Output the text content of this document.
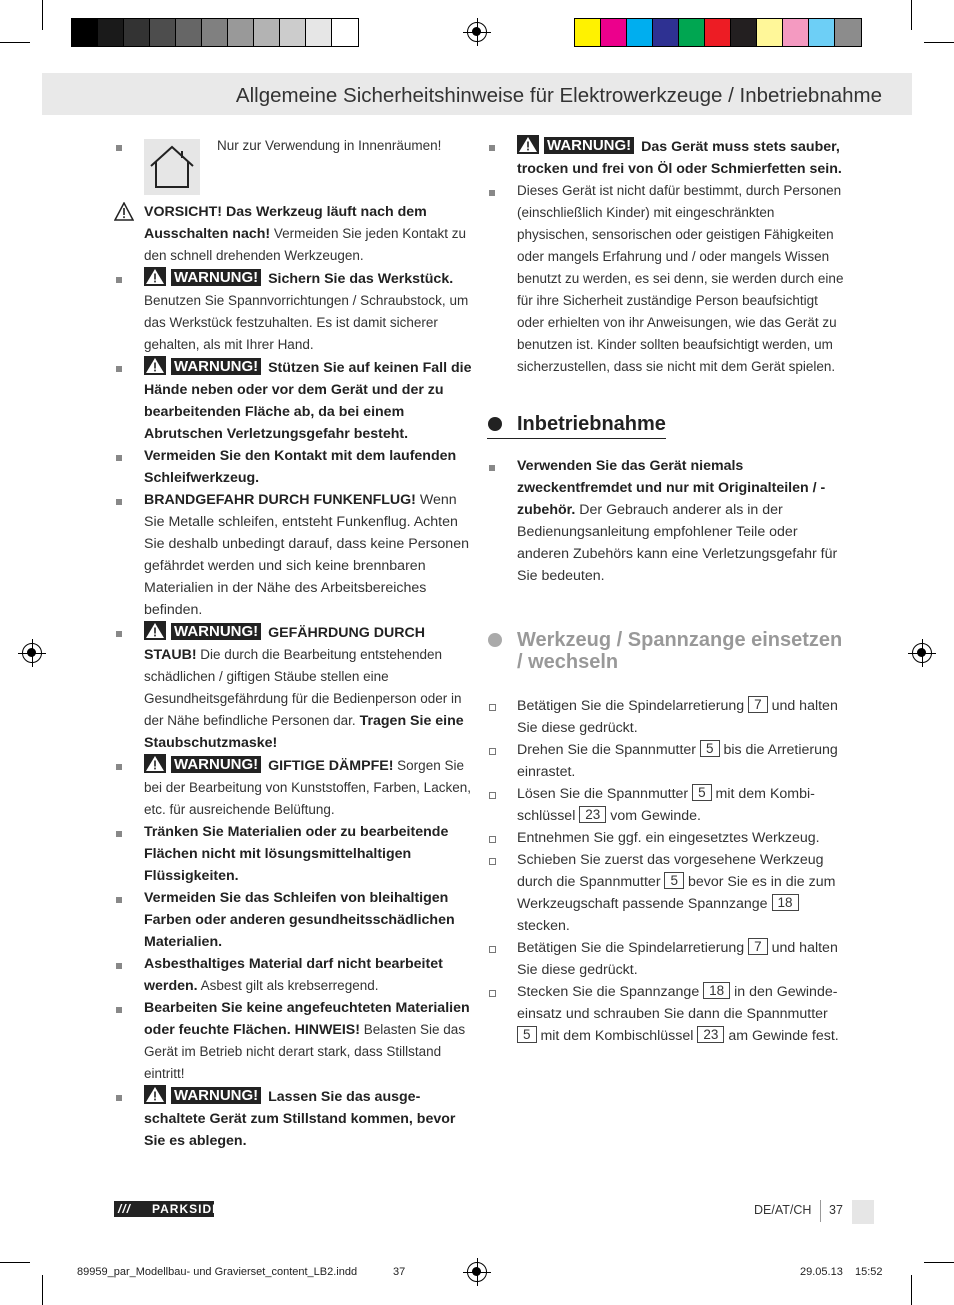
Allgemeine Sicherheitshinweise für Elektrowerkzeuge / Inbetriebnahme
Nur zur Verwendung in Innenräumen!
VORSICHT! Das Werkzeug läuft nach dem Ausschalten nach! Vermeiden Sie jeden Kontakt zu den schnell drehenden Werkzeugen.
WARNUNG! Sichern Sie das Werkstück. Benutzen Sie Spannvorrichtungen / Schraubstock, um das Werkstück festzuhalten. Es ist damit sicherer gehalten, als mit Ihrer Hand.
WARNUNG! Stützen Sie auf keinen Fall die Hände neben oder vor dem Gerät und der zu bearbeitenden Fläche ab, da bei einem Abrutschen Verletzungsgefahr besteht.
Vermeiden Sie den Kontakt mit dem laufenden Schleifwerkzeug.
BRANDGEFAHR DURCH FUNKENFLUG! Wenn Sie Metalle schleifen, entsteht Funkenflug. Achten Sie deshalb unbedingt darauf, dass keine Personen gefährdet werden und sich keine brennbaren Materialien in der Nähe des Arbeitsbereiches befinden.
WARNUNG! GEFÄHRDUNG DURCH STAUB! Die durch die Bearbeitung entstehenden schädlichen / giftigen Stäube stellen eine Gesundheitsgefährdung für die Bedienperson oder in der Nähe befindliche Personen dar. Tragen Sie eine Staubschutzmaske!
WARNUNG! GIFTIGE DÄMPFE! Sorgen Sie bei der Bearbeitung von Kunststoffen, Farben, Lacken, etc. für ausreichende Belüftung.
Tränken Sie Materialien oder zu bearbeitende Flächen nicht mit lösungsmittelhaltigen Flüssigkeiten.
Vermeiden Sie das Schleifen von bleihaltigen Farben oder anderen gesundheitsschädlichen Materialien.
Asbesthaltiges Material darf nicht bearbeitet werden. Asbest gilt als krebserregend.
Bearbeiten Sie keine angefeuchteten Materialien oder feuchte Flächen. HINWEIS! Belasten Sie das Gerät im Betrieb nicht derart stark, dass Stillstand eintritt!
WARNUNG! Lassen Sie das ausgeschaltete Gerät zum Stillstand kommen, bevor Sie es ablegen.
WARNUNG! Das Gerät muss stets sauber, trocken und frei von Öl oder Schmierfetten sein.
Dieses Gerät ist nicht dafür bestimmt, durch Personen (einschließlich Kinder) mit eingeschränkten physischen, sensorischen oder geistigen Fähigkeiten oder mangels Erfahrung und / oder mangels Wissen benutzt zu werden, es sei denn, sie werden durch eine für ihre Sicherheit zuständige Person beaufsichtigt oder erhielten von ihr Anweisungen, wie das Gerät zu benutzen ist. Kinder sollten beaufsichtigt werden, um sicherzustellen, dass sie nicht mit dem Gerät spielen.
Inbetriebnahme
Verwenden Sie das Gerät niemals zweckentfremdet und nur mit Originalteilen / -zubehör. Der Gebrauch anderer als in der Bedienungsanleitung empfohlener Teile oder anderen Zubehörs kann eine Verletzungsgefahr für Sie bedeuten.
Werkzeug / Spannzange einsetzen / wechseln
Betätigen Sie die Spindelarretierung 7 und halten Sie diese gedrückt.
Drehen Sie die Spannmutter 5 bis die Arretierung einrastet.
Lösen Sie die Spannmutter 5 mit dem Kombischlüssel 23 vom Gewinde.
Entnehmen Sie ggf. ein eingesetztes Werkzeug.
Schieben Sie zuerst das vorgesehene Werkzeug durch die Spannmutter 5 bevor Sie es in die zum Werkzeugschaft passende Spannzange 18 stecken.
Betätigen Sie die Spindelarretierung 7 und halten Sie diese gedrückt.
Stecken Sie die Spannzange 18 in den Gewindeeinsatz und schrauben Sie dann die Spannmutter 5 mit dem Kombischlüssel 23 am Gewinde fest.
/// PARKSIDE	DE/AT/CH 37
89959_par_Modellbau- und Gravierset_content_LB2.indd	37	29.05.13 15:52
